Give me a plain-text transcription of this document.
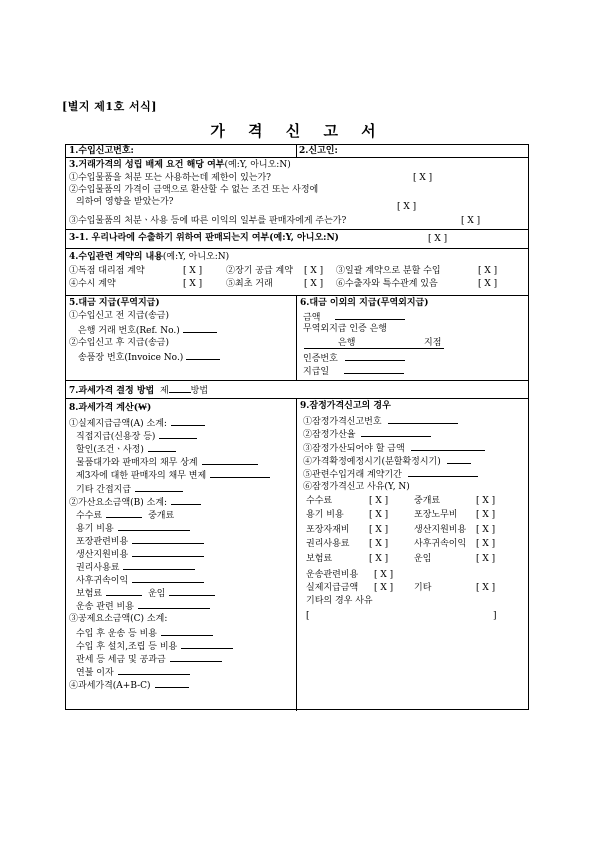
[별지 제1호 서식]
가 격 신 고 서
1.수입신고번호:	2.신고인:
3.거래가격의 성립 배제 요건 해당 여부(예:Y, 아니오:N)
①수입물품을 처분 또는 사용하는데 제한이 있는가?	[ X ]
②수입물품의 가격이 금액으로 환산할 수 없는 조건 또는 사정에
의하여 영향을 받았는가?	[ X ]
③수입물품의 처분ㆍ사용 등에 따른 이익의 일부를 판매자에게 주는가?	[ X ]
3-1. 우리나라에 수출하기 위하여 판매되는지 여부(예:Y, 아니오:N)	[ X ]
4.수입관련 계약의 내용(예:Y, 아니오:N)
①독점 대리점 계약	[ X ]	②장기 공급 계약 [ X ] ③일괄 계약으로 분할 수입	[ X ]
④수시 계약	[ X ]	⑤최초 거래	[ X ] ⑥수출자와 특수관계 있음	[ X ]
5.대금 지급(무역지급)
①수입신고 전 지급(송금)
은행 거래 번호(Ref. No.)
②수입신고 후 지급(송금)
송품장 번호(Invoice No.)
6.대금 이외의 지급(무역외지급)
금액
무역외지급 인증 은행
은행	지점
인증번호
지급일
7.과세가격 결정 방법 제 방법
8.과세가격 계산(₩)
①실제지급금액(A) 소계:
직접지급(신용장 등)
할인(조건ㆍ사정)
물품대가와 판매자의 채무 상계
제3자에 대한 판매자의 채무 변제
기타 간접지급
②가산요소금액(B) 소계:
수수료	중개료
용기 비용
포장관련비용
생산지원비용
권리사용료
사후귀속이익
보험료	운임
운송 관련 비용
③공제요소금액(C) 소계:
수입 후 운송 등 비용
수입 후 설치,조립 등 비용
관세 등 세금 및 공과금
연불 이자
④과세가격(A+B-C)
9.잠정가격신고의 경우
①잠정가격신고번호
②잠정가산율
③잠정가산되어야 할 금액
④가격확정예정시기(분할확정시기)
⑤관련수입거래 계약기간
⑥잠정가격신고 사유(Y, N)
수수료	[ X ]	중개료	[ X ]
용기 비용	[ X ]	포장노무비 [ X ]
포장자재비 [ X ]	생산지원비용 [ X ]
권리사용료 [ X ]	사후귀속이익 [ X ]
보험료	[ X ]	운임	[ X ]
운송관련비용 [ X ]
실제지급금액 [ X ] 기타	[ X ]
기타의 경우 사유
[	]
